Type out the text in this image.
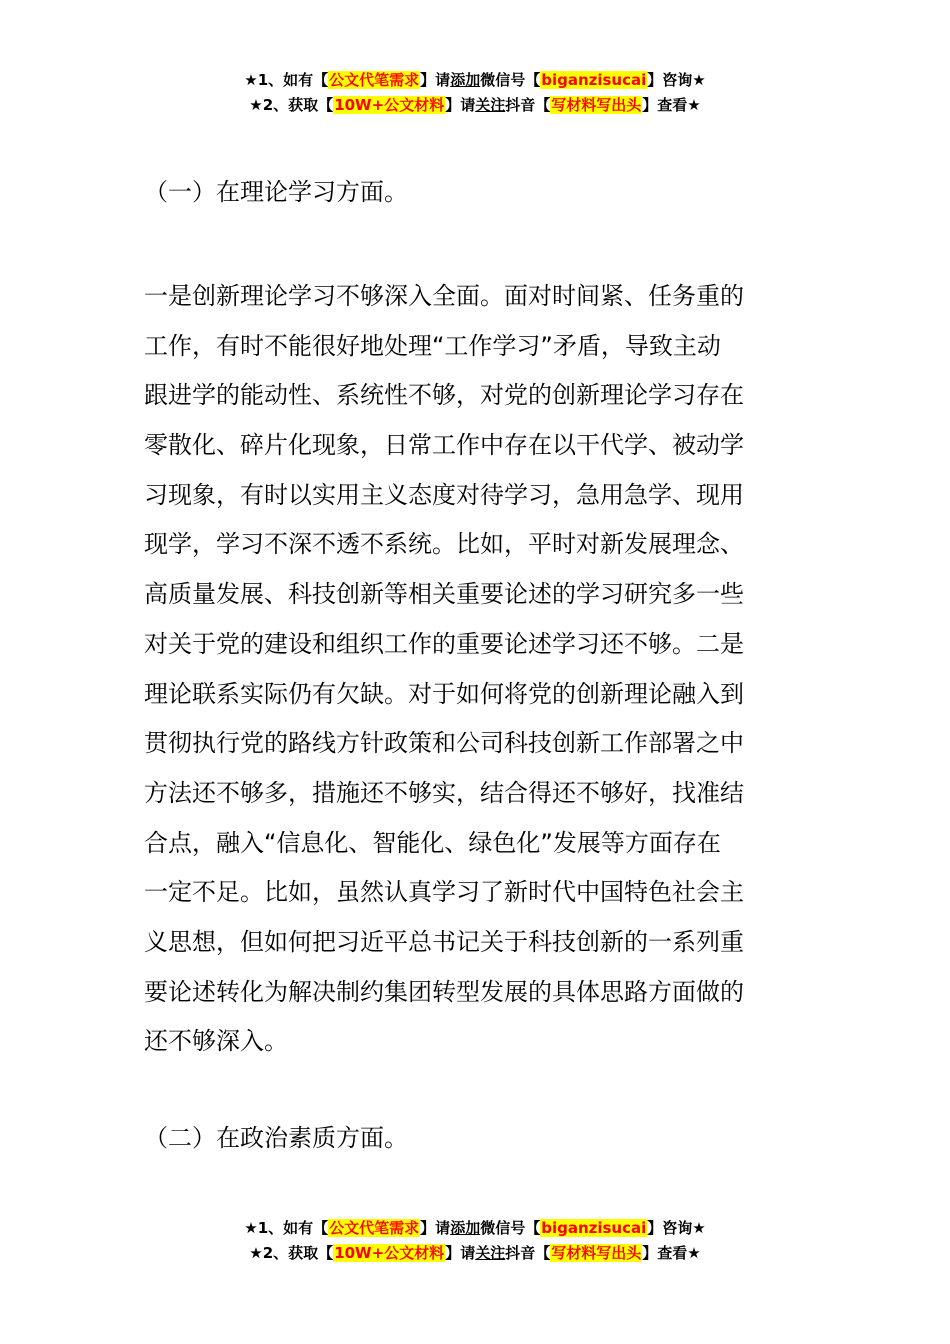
★1、如有【公文代笔需求】请添加微信号【biganzisucai】咨询★
★2、获取【10W+公文材料】请关注抖音【写材料写出头】查看★
（一）在理论学习方面。
一是创新理论学习不够深入全面。面对时间紧、任务重的
工作，有时不能很好地处理“工作学习”矛盾，导致主动
跟进学的能动性、系统性不够，对党的创新理论学习存在
零散化、碎片化现象，日常工作中存在以干代学、被动学
习现象，有时以实用主义态度对待学习，急用急学、现用
现学，学习不深不透不系统。比如，平时对新发展理念、
高质量发展、科技创新等相关重要论述的学习研究多一些
对关于党的建设和组织工作的重要论述学习还不够。二是
理论联系实际仍有欠缺。对于如何将党的创新理论融入到
贯彻执行党的路线方针政策和公司科技创新工作部署之中
方法还不够多，措施还不够实，结合得还不够好，找准结
合点，融入“信息化、智能化、绿色化”发展等方面存在
一定不足。比如，虽然认真学习了新时代中国特色社会主
义思想，但如何把习近平总书记关于科技创新的一系列重
要论述转化为解决制约集团转型发展的具体思路方面做的
还不够深入。
（二）在政治素质方面。
★1、如有【公文代笔需求】请添加微信号【biganzisucai】咨询★
★2、获取【10W+公文材料】请关注抖音【写材料写出头】查看★
